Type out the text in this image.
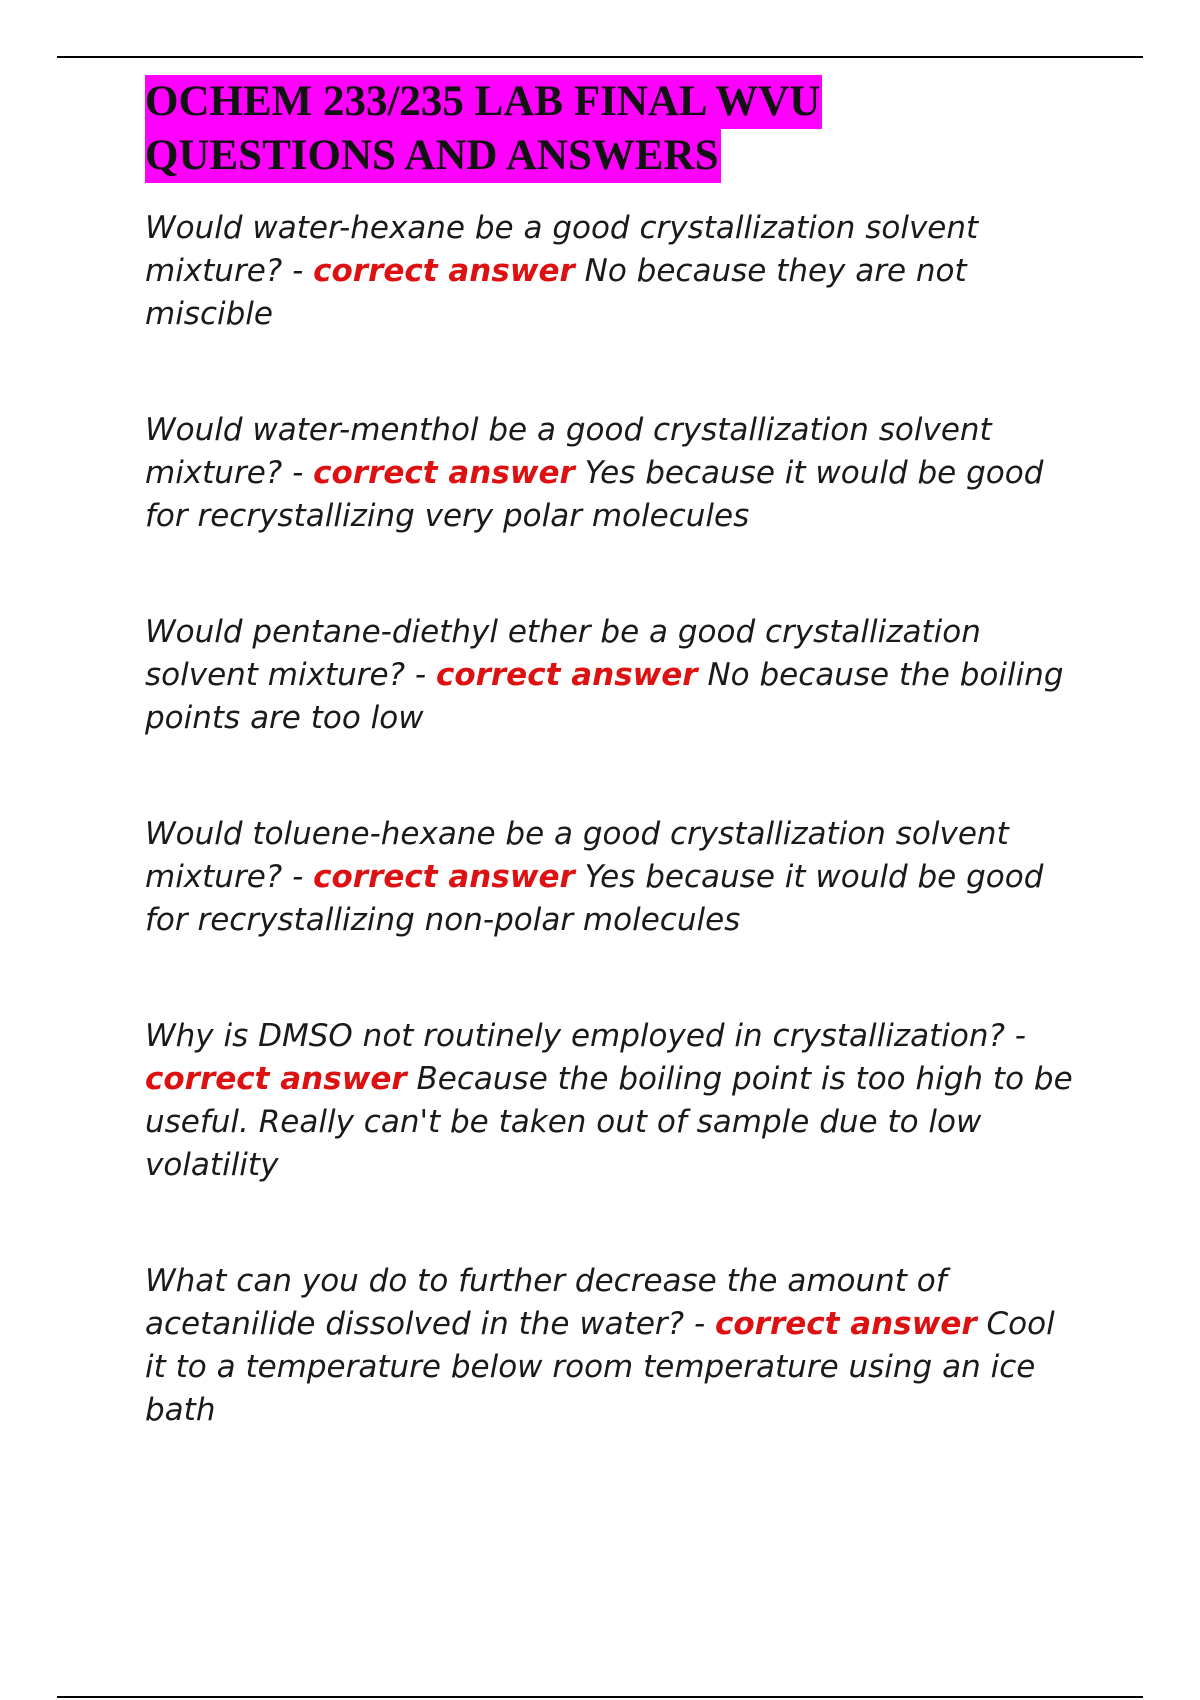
OCHEM 233/235 LAB FINAL WVU
QUESTIONS AND ANSWERS

Would water-hexane be a good crystallization solvent mixture? - correct answer No because they are not miscible

Would water-menthol be a good crystallization solvent mixture? - correct answer Yes because it would be good for recrystallizing very polar molecules

Would pentane-diethyl ether be a good crystallization solvent mixture? - correct answer No because the boiling points are too low

Would toluene-hexane be a good crystallization solvent mixture? - correct answer Yes because it would be good for recrystallizing non-polar molecules

Why is DMSO not routinely employed in crystallization? - correct answer Because the boiling point is too high to be useful. Really can't be taken out of sample due to low volatility

What can you do to further decrease the amount of acetanilide dissolved in the water? - correct answer Cool it to a temperature below room temperature using an ice bath
